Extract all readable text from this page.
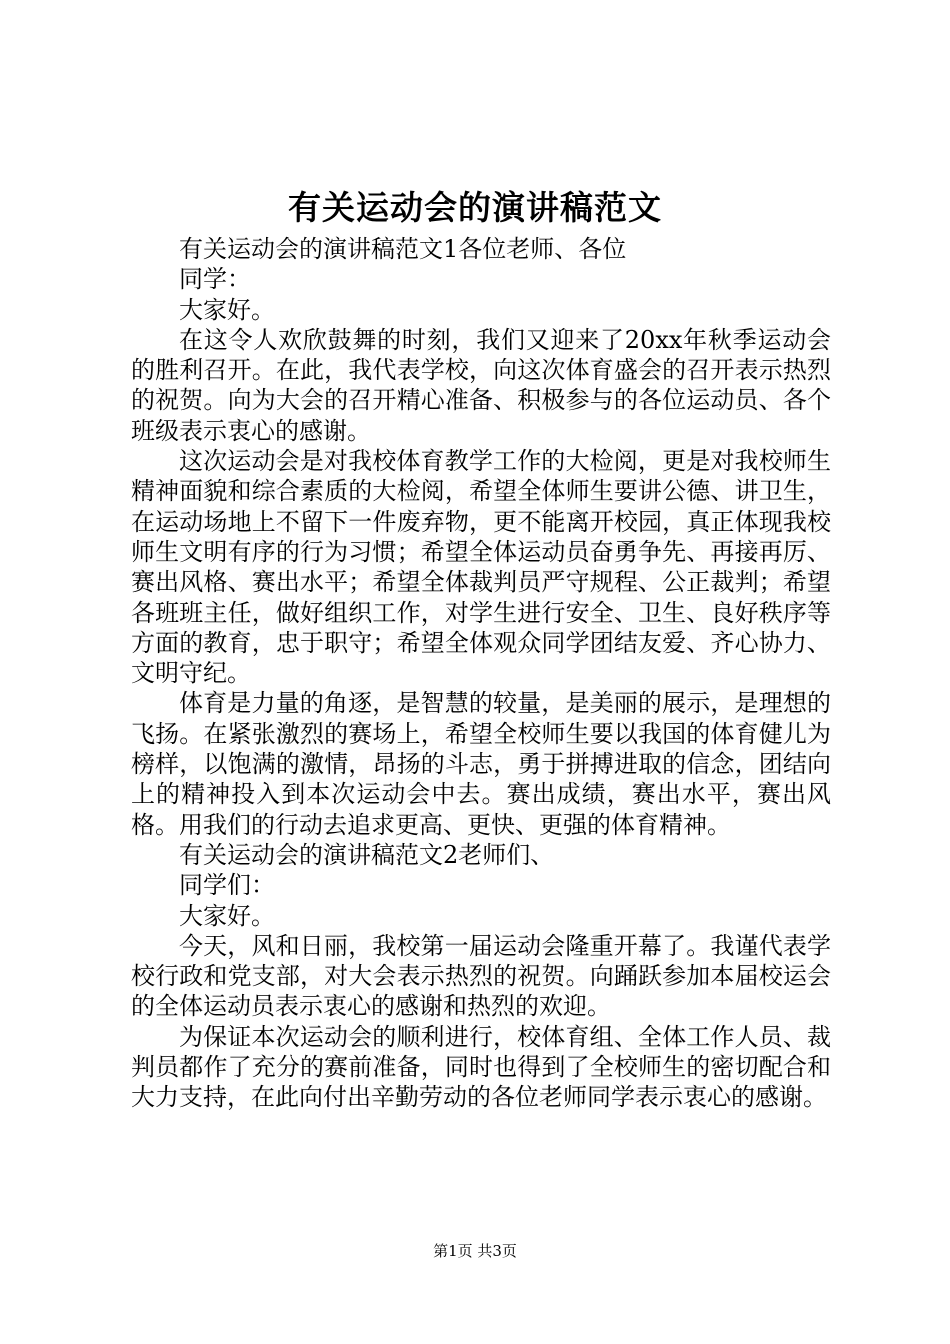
有关运动会的演讲稿范文

有关运动会的演讲稿范文1各位老师、各位

同学：

大家好。

在这令人欢欣鼓舞的时刻，我们又迎来了20xx年秋季运动会的胜利召开。在此，我代表学校，向这次体育盛会的召开表示热烈的祝贺。向为大会的召开精心准备、积极参与的各位运动员、各个班级表示衷心的感谢。

这次运动会是对我校体育教学工作的大检阅，更是对我校师生精神面貌和综合素质的大检阅，希望全体师生要讲公德、讲卫生，在运动场地上不留下一件废弃物，更不能离开校园，真正体现我校师生文明有序的行为习惯；希望全体运动员奋勇争先、再接再厉、赛出风格、赛出水平；希望全体裁判员严守规程、公正裁判；希望各班班主任，做好组织工作，对学生进行安全、卫生、良好秩序等方面的教育，忠于职守；希望全体观众同学团结友爱、齐心协力、文明守纪。

体育是力量的角逐，是智慧的较量，是美丽的展示，是理想的飞扬。在紧张激烈的赛场上，希望全校师生要以我国的体育健儿为榜样，以饱满的激情，昂扬的斗志，勇于拼搏进取的信念，团结向上的精神投入到本次运动会中去。赛出成绩，赛出水平，赛出风格。用我们的行动去追求更高、更快、更强的体育精神。

有关运动会的演讲稿范文2老师们、

同学们：

大家好。

今天，风和日丽，我校第一届运动会隆重开幕了。我谨代表学校行政和党支部，对大会表示热烈的祝贺。向踊跃参加本届校运会的全体运动员表示衷心的感谢和热烈的欢迎。

为保证本次运动会的顺利进行，校体育组、全体工作人员、裁判员都作了充分的赛前准备，同时也得到了全校师生的密切配合和大力支持，在此向付出辛勤劳动的各位老师同学表示衷心的感谢。

第1页 共3页
